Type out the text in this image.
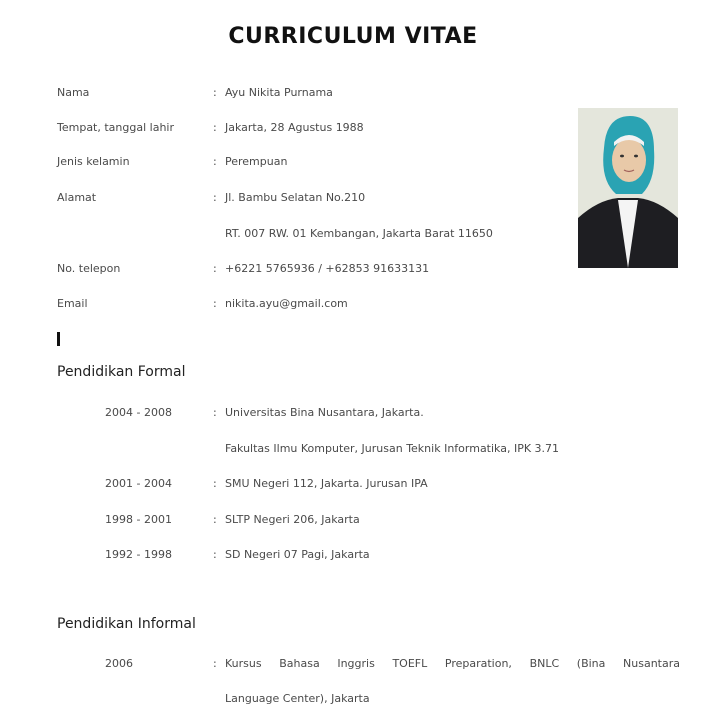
CURRICULUM VITAE
Nama	: Ayu Nikita Purnama
Tempat, tanggal lahir	: Jakarta, 28 Agustus 1988
Jenis kelamin	: Perempuan
Alamat	: Jl. Bambu Selatan No.210
RT. 007 RW. 01 Kembangan, Jakarta Barat 11650
No. telepon	: +6221 5765936 / +62853 91633131
Email	: nikita.ayu@gmail.com
Pendidikan Formal
2004 - 2008	: Universitas Bina Nusantara, Jakarta.
Fakultas Ilmu Komputer, Jurusan Teknik Informatika, IPK 3.71
2001 - 2004	: SMU Negeri 112, Jakarta. Jurusan IPA
1998 - 2001	: SLTP Negeri 206, Jakarta
1992 - 1998	: SD Negeri 07 Pagi, Jakarta
Pendidikan Informal
2006	: Kursus Bahasa Inggris TOEFL Preparation, BNLC (Bina Nusantara
Language Center), Jakarta
